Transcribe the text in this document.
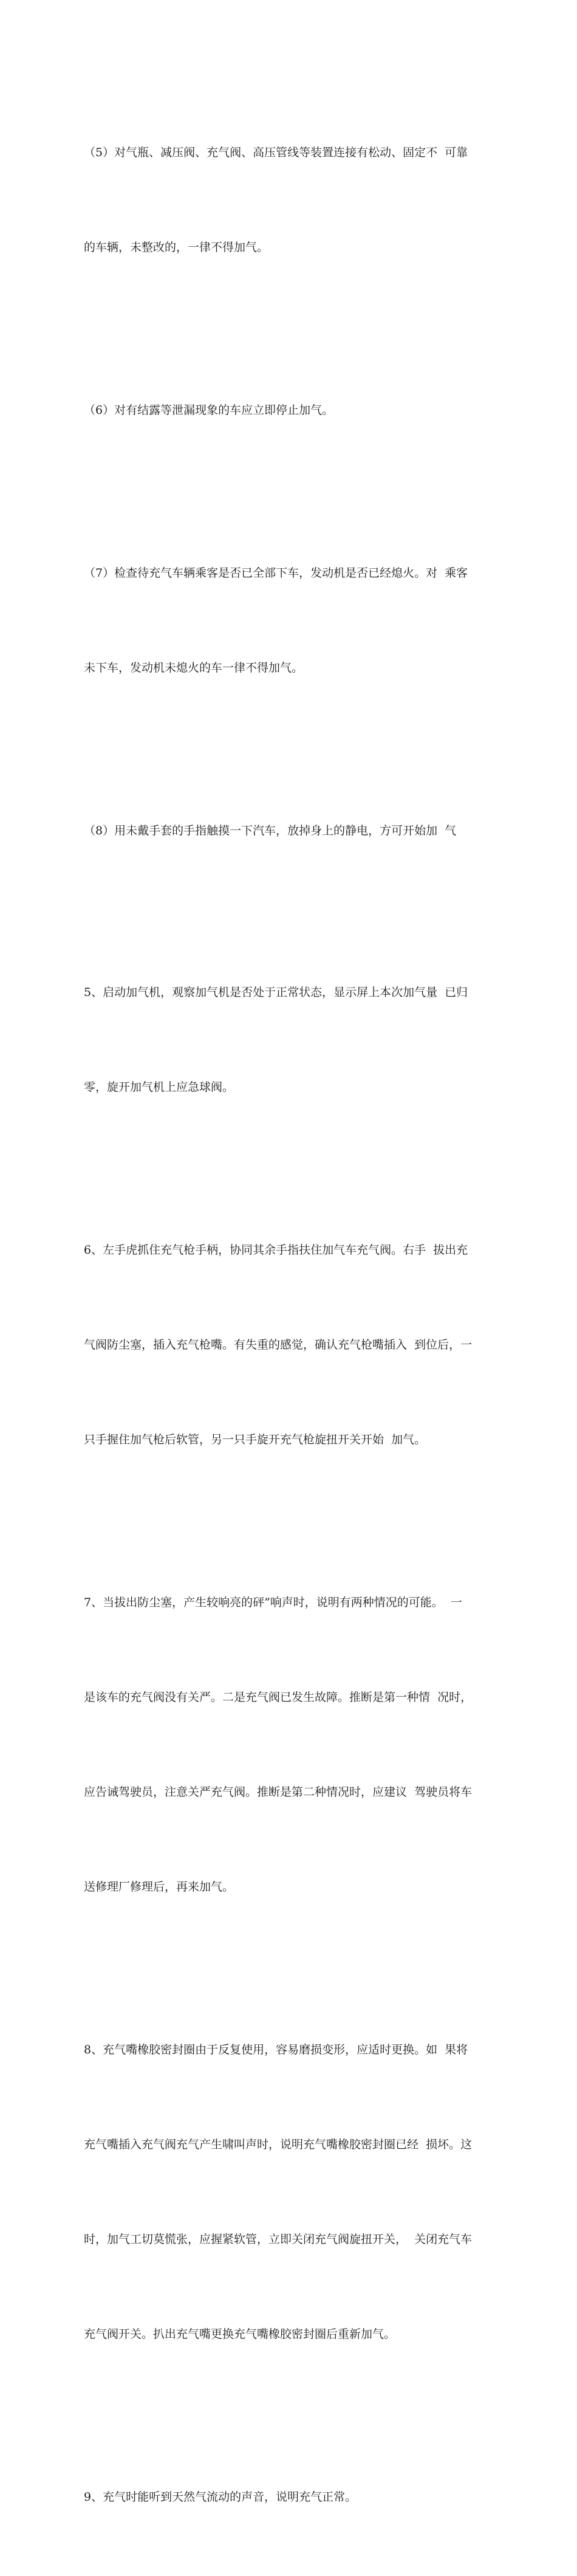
（5）对气瓶、减压阀、充气阀、高压管线等装置连接有松动、固定不  可靠

的车辆，未整改的，一律不得加气。

（6）对有结露等泄漏现象的车应立即停止加气。

（7）检查待充气车辆乘客是否已全部下车，发动机是否已经熄火。对  乘客

未下车，发动机未熄火的车一律不得加气。

（8）用未戴手套的手指触摸一下汽车，放掉身上的静电，方可开始加  气

5、启动加气机，观察加气机是否处于正常状态，显示屏上本次加气量  已归

零，旋开加气机上应急球阀。

6、左手虎抓住充气枪手柄，协同其余手指扶住加气车充气阀。右手  拔出充

气阀防尘塞，插入充气枪嘴。有失重的感觉，确认充气枪嘴插入  到位后，一

只手握住加气枪后软管，另一只手旋开充气枪旋扭开关开始  加气。

7、当拔出防尘塞，产生较响亮的砰”响声时，说明有两种情况的可能。  一

是该车的充气阀没有关严。二是充气阀已发生故障。推断是第一种情  况时，

应告诫驾驶员，注意关严充气阀。推断是第二种情况时，应建议  驾驶员将车

送修理厂修理后，再来加气。

8、充气嘴橡胶密封圈由于反复使用，容易磨损变形，应适时更换。如  果将

充气嘴插入充气阀充气产生啸叫声时，说明充气嘴橡胶密封圈已经  损坏。这

时，加气工切莫慌张，应握紧软管，立即关闭充气阀旋扭开关，  关闭充气车

充气阀开关。扒出充气嘴更换充气嘴橡胶密封圈后重新加气。

9、充气时能听到天然气流动的声音，说明充气正常。
